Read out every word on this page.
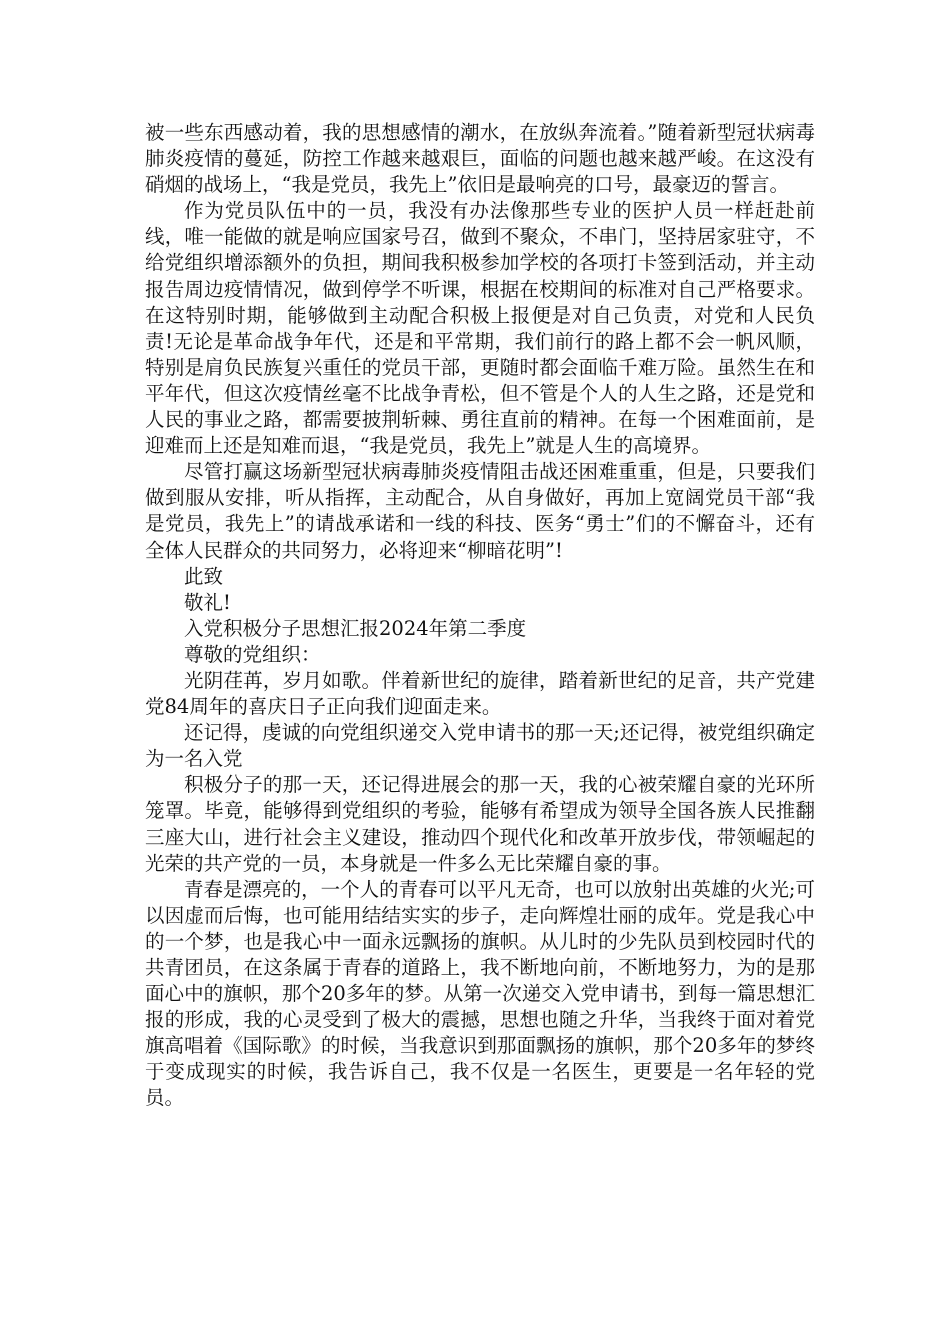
被一些东西感动着，我的思想感情的潮水，在放纵奔流着。”随着新型冠状病毒肺炎疫情的蔓延，防控工作越来越艰巨，面临的问题也越来越严峻。在这没有硝烟的战场上，“我是党员，我先上”依旧是最响亮的口号，最豪迈的誓言。

作为党员队伍中的一员，我没有办法像那些专业的医护人员一样赶赴前线，唯一能做的就是响应国家号召，做到不聚众，不串门，坚持居家驻守，不给党组织增添额外的负担，期间我积极参加学校的各项打卡签到活动，并主动报告周边疫情情况，做到停学不听课，根据在校期间的标准对自己严格要求。在这特别时期，能够做到主动配合积极上报便是对自己负责，对党和人民负责!无论是革命战争年代，还是和平常期，我们前行的路上都不会一帆风顺，特别是肩负民族复兴重任的党员干部，更随时都会面临千难万险。虽然生在和平年代，但这次疫情丝毫不比战争青松，但不管是个人的人生之路，还是党和人民的事业之路，都需要披荆斩棘、勇往直前的精神。在每一个困难面前，是迎难而上还是知难而退，“我是党员，我先上”就是人生的高境界。

尽管打赢这场新型冠状病毒肺炎疫情阻击战还困难重重，但是，只要我们做到服从安排，听从指挥，主动配合，从自身做好，再加上宽阔党员干部“我是党员，我先上”的请战承诺和一线的科技、医务“勇士”们的不懈奋斗，还有全体人民群众的共同努力，必将迎来“柳暗花明”!

此致

敬礼!

入党积极分子思想汇报2024年第二季度

尊敬的党组织：

光阴荏苒，岁月如歌。伴着新世纪的旋律，踏着新世纪的足音，共产党建党84周年的喜庆日子正向我们迎面走来。

还记得，虔诚的向党组织递交入党申请书的那一天;还记得，被党组织确定为一名入党

积极分子的那一天，还记得进展会的那一天，我的心被荣耀自豪的光环所笼罩。毕竟，能够得到党组织的考验，能够有希望成为领导全国各族人民推翻三座大山，进行社会主义建设，推动四个现代化和改革开放步伐，带领崛起的光荣的共产党的一员，本身就是一件多么无比荣耀自豪的事。

青春是漂亮的，一个人的青春可以平凡无奇，也可以放射出英雄的火光;可以因虚而后悔，也可能用结结实实的步子，走向辉煌壮丽的成年。党是我心中的一个梦，也是我心中一面永远飘扬的旗帜。从儿时的少先队员到校园时代的共青团员，在这条属于青春的道路上，我不断地向前，不断地努力，为的是那面心中的旗帜，那个20多年的梦。从第一次递交入党申请书，到每一篇思想汇报的形成，我的心灵受到了极大的震撼，思想也随之升华，当我终于面对着党旗高唱着《国际歌》的时候，当我意识到那面飘扬的旗帜，那个20多年的梦终于变成现实的时候，我告诉自己，我不仅是一名医生，更要是一名年轻的党员。
